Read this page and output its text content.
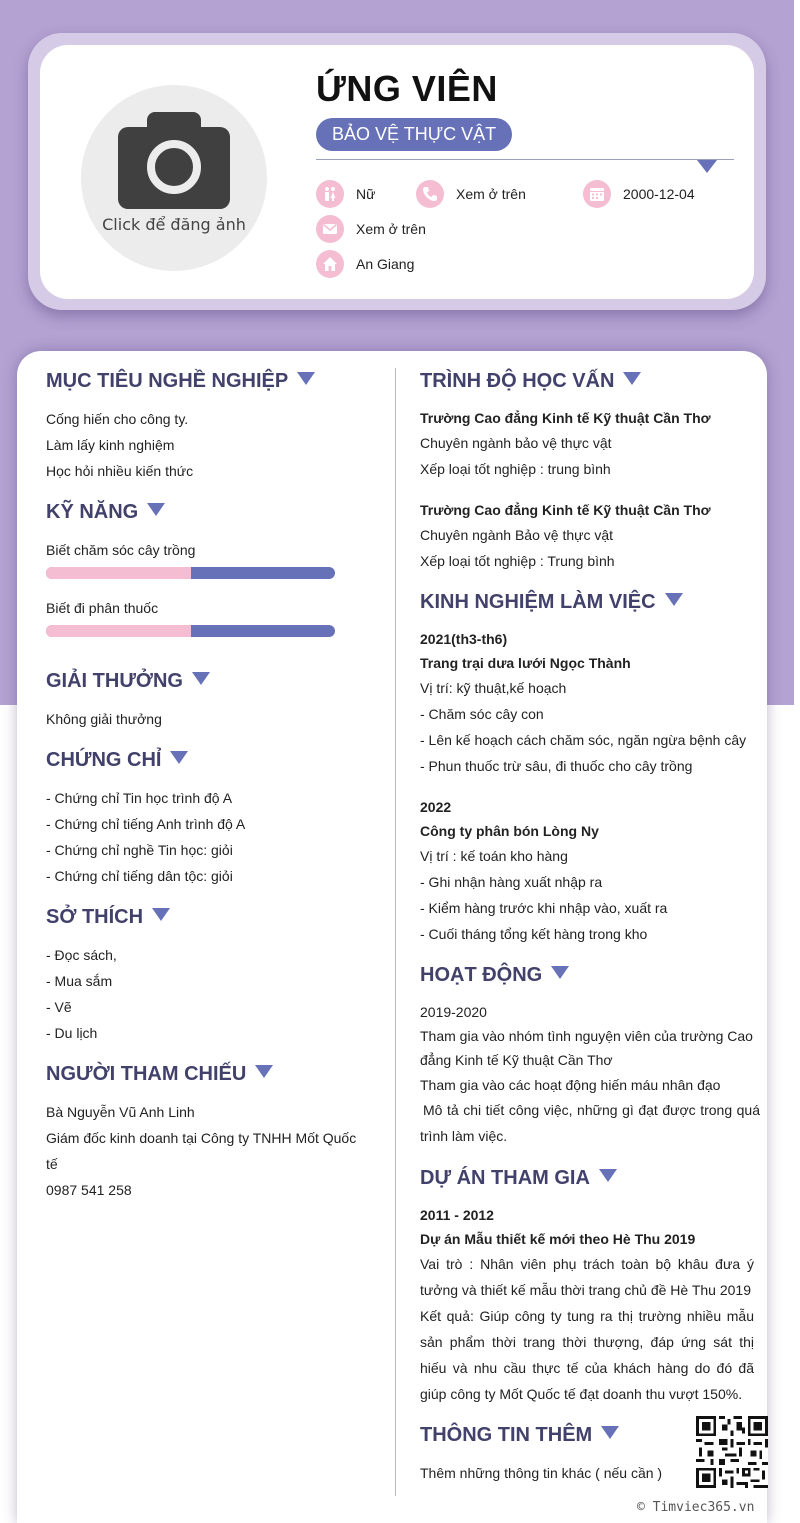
Click để đăng ảnh
ỨNG VIÊN
BẢO VỆ THỰC VẬT
Nữ	Xem ở trên	2000-12-04
Xem ở trên
An Giang
MỤC TIÊU NGHỀ NGHIỆP
Cống hiến cho công ty.
Làm lấy kinh nghiệm
Học hỏi nhiều kiến thức
KỸ NĂNG
Biết chăm sóc cây trồng
Biết đi phân thuốc
GIẢI THƯỞNG
Không giải thưởng
CHỨNG CHỈ
- Chứng chỉ Tin học trình độ A
- Chứng chỉ tiếng Anh trình độ A
- Chứng chỉ nghề Tin học: giỏi
- Chứng chỉ tiếng dân tộc: giỏi
SỞ THÍCH
- Đọc sách,
- Mua sắm
- Vẽ
- Du lịch
NGƯỜI THAM CHIẾU
Bà Nguyễn Vũ Anh Linh
Giám đốc kinh doanh tại Công ty TNHH Mốt Quốc
tế
0987 541 258
TRÌNH ĐỘ HỌC VẤN
Trường Cao đẳng Kinh tế Kỹ thuật Cần Thơ
Chuyên ngành bảo vệ thực vật
Xếp loại tốt nghiệp : trung bình
Trường Cao đẳng Kinh tế Kỹ thuật Cần Thơ
Chuyên ngành Bảo vệ thực vật
Xếp loại tốt nghiệp : Trung bình
KINH NGHIỆM LÀM VIỆC
2021(th3-th6)
Trang trại dưa lưới Ngọc Thành
Vị trí: kỹ thuật,kế hoạch
- Chăm sóc cây con
- Lên kế hoạch cách chăm sóc, ngăn ngừa bệnh cây
- Phun thuốc trừ sâu, đi thuốc cho cây trồng
2022
Công ty phân bón Lòng Ny
Vị trí : kế toán kho hàng
- Ghi nhận hàng xuất nhập ra
- Kiểm hàng trước khi nhập vào, xuất ra
- Cuối tháng tổng kết hàng trong kho
HOẠT ĐỘNG
2019-2020
Tham gia vào nhóm tình nguyện viên của trường Cao
đẳng Kinh tế Kỹ thuật Cần Thơ
Tham gia vào các hoạt động hiến máu nhân đạo
Mô tả chi tiết công việc, những gì đạt được trong quá trình làm việc.
DỰ ÁN THAM GIA
2011 - 2012
Dự án Mẫu thiết kế mới theo Hè Thu 2019
Vai trò : Nhân viên phụ trách toàn bộ khâu đưa ý tưởng và thiết kế mẫu thời trang chủ đề Hè Thu 2019
Kết quả: Giúp công ty tung ra thị trường nhiều mẫu sản phẩm thời trang thời thượng, đáp ứng sát thị hiếu và nhu cầu thực tế của khách hàng do đó đã giúp công ty Mốt Quốc tế đạt doanh thu vượt 150%.
THÔNG TIN THÊM
Thêm những thông tin khác ( nếu cần )
© Timviec365.vn
